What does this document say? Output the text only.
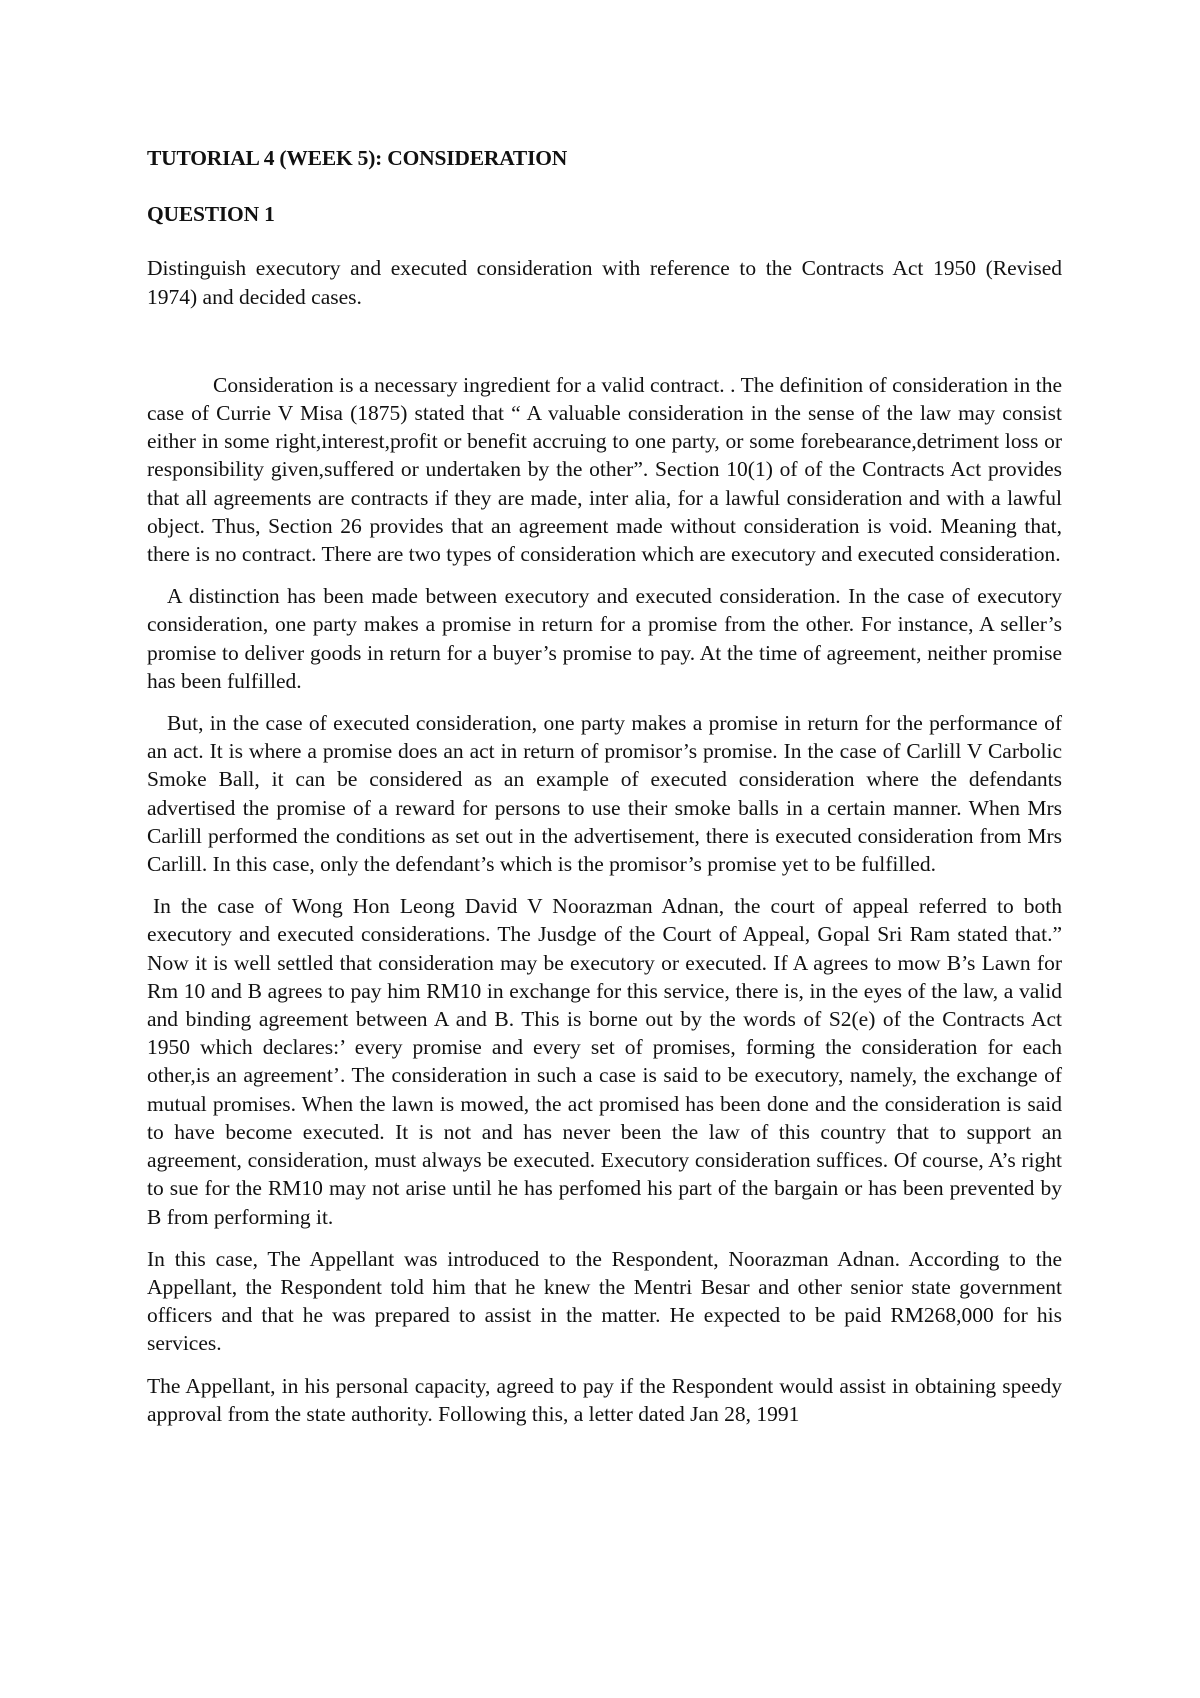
TUTORIAL 4 (WEEK 5): CONSIDERATION

QUESTION 1

Distinguish executory and executed consideration with reference to the Contracts Act 1950 (Revised 1974) and decided cases.

Consideration is a necessary ingredient for a valid contract. . The definition of consideration in the case of Currie V Misa (1875) stated that “ A valuable consideration in the sense of the law may consist either in some right,interest,profit or benefit accruing to one party, or some forebearance,detriment loss or responsibility given,suffered or undertaken by the other”. Section 10(1) of of the Contracts Act provides that all agreements are contracts if they are made, inter alia, for a lawful consideration and with a lawful object. Thus, Section 26 provides that an agreement made without consideration is void. Meaning that, there is no contract. There are two types of consideration which are executory and executed consideration.

A distinction has been made between executory and executed consideration. In the case of executory consideration, one party makes a promise in return for a promise from the other. For instance, A seller’s promise to deliver goods in return for a buyer’s promise to pay. At the time of agreement, neither promise has been fulfilled.

But, in the case of executed consideration, one party makes a promise in return for the performance of an act. It is where a promise does an act in return of promisor’s promise. In the case of Carlill V Carbolic Smoke Ball, it can be considered as an example of executed consideration where the defendants advertised the promise of a reward for persons to use their smoke balls in a certain manner. When Mrs Carlill performed the conditions as set out in the advertisement, there is executed consideration from Mrs Carlill. In this case, only the defendant’s which is the promisor’s promise yet to be fulfilled.

In the case of Wong Hon Leong David V Noorazman Adnan, the court of appeal referred to both executory and executed considerations. The Jusdge of the Court of Appeal, Gopal Sri Ram stated that.” Now it is well settled that consideration may be executory or executed. If A agrees to mow B’s Lawn for Rm 10 and B agrees to pay him RM10 in exchange for this service, there is, in the eyes of the law, a valid and binding agreement between A and B. This is borne out by the words of S2(e) of the Contracts Act 1950 which declares:’ every promise and every set of promises, forming the consideration for each other,is an agreement’. The consideration in such a case is said to be executory, namely, the exchange of mutual promises. When the lawn is mowed, the act promised has been done and the consideration is said to have become executed. It is not and has never been the law of this country that to support an agreement, consideration, must always be executed. Executory consideration suffices. Of course, A’s right to sue for the RM10 may not arise until he has perfomed his part of the bargain or has been prevented by B from performing it.

In this case, The Appellant was introduced to the Respondent, Noorazman Adnan. According to the Appellant, the Respondent told him that he knew the Mentri Besar and other senior state government officers and that he was prepared to assist in the matter. He expected to be paid RM268,000 for his services.

The Appellant, in his personal capacity, agreed to pay if the Respondent would assist in obtaining speedy approval from the state authority. Following this, a letter dated Jan 28, 1991
